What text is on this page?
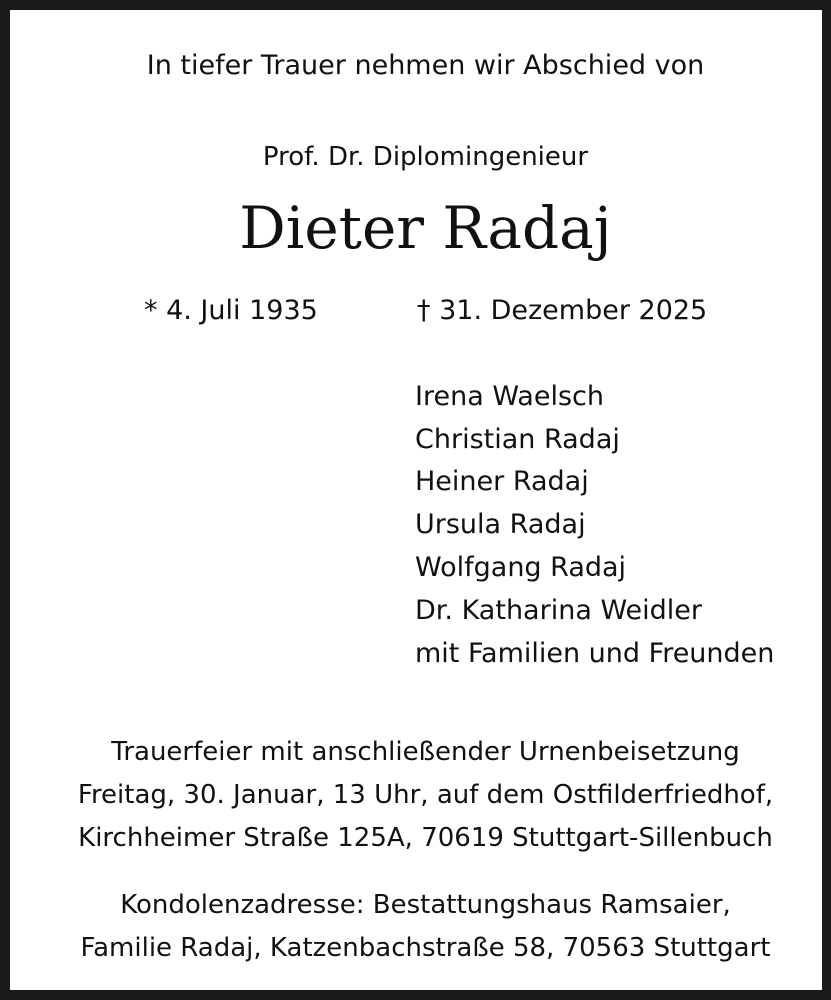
In tiefer Trauer nehmen wir Abschied von
Prof. Dr. Diplomingenieur
Dieter Radaj
* 4. Juli 1935	† 31. Dezember 2025
Irena Waelsch
Christian Radaj
Heiner Radaj
Ursula Radaj
Wolfgang Radaj
Dr. Katharina Weidler
mit Familien und Freunden
Trauerfeier mit anschließender Urnenbeisetzung
Freitag, 30. Januar, 13 Uhr, auf dem Ostfilderfriedhof,
Kirchheimer Straße 125A, 70619 Stuttgart-Sillenbuch
Kondolenzadresse: Bestattungshaus Ramsaier,
Familie Radaj, Katzenbachstraße 58, 70563 Stuttgart
